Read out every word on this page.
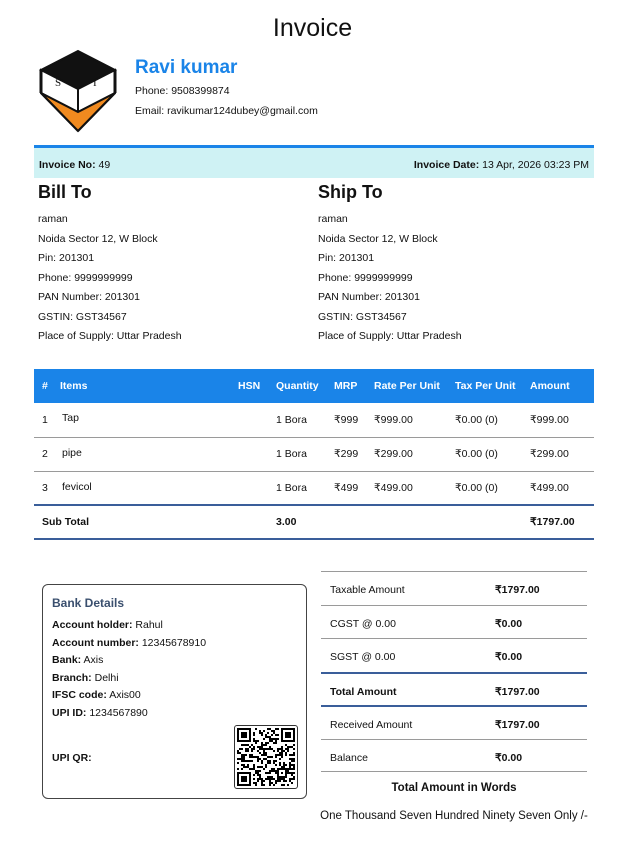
Invoice
S	I
Ravi kumar
Phone: 9508399874
Email: ravikumar124dubey@gmail.com
Invoice No: 49	Invoice Date: 13 Apr, 2026 03:23 PM
Bill To
raman
Noida Sector 12, W Block
Pin: 201301
Phone: 9999999999
PAN Number: 201301
GSTIN: GST34567
Place of Supply: Uttar Pradesh
Ship To
raman
Noida Sector 12, W Block
Pin: 201301
Phone: 9999999999
PAN Number: 201301
GSTIN: GST34567
Place of Supply: Uttar Pradesh
#	Items	HSN	Quantity	MRP	Rate Per Unit	Tax Per Unit	Amount
1	Tap		1 Bora	₹999	₹999.00	₹0.00 (0)	₹999.00
2	pipe		1 Bora	₹299	₹299.00	₹0.00 (0)	₹299.00
3	fevicol		1 Bora	₹499	₹499.00	₹0.00 (0)	₹499.00
Sub Total			3.00				₹1797.00
Bank Details
Account holder: Rahul
Account number: 12345678910
Bank: Axis
Branch: Delhi
IFSC code: Axis00
UPI ID: 1234567890
UPI QR:
Taxable Amount	₹1797.00
CGST @ 0.00	₹0.00
SGST @ 0.00	₹0.00
Total Amount	₹1797.00
Received Amount	₹1797.00
Balance	₹0.00
Total Amount in Words
One Thousand Seven Hundred Ninety Seven Only /-
